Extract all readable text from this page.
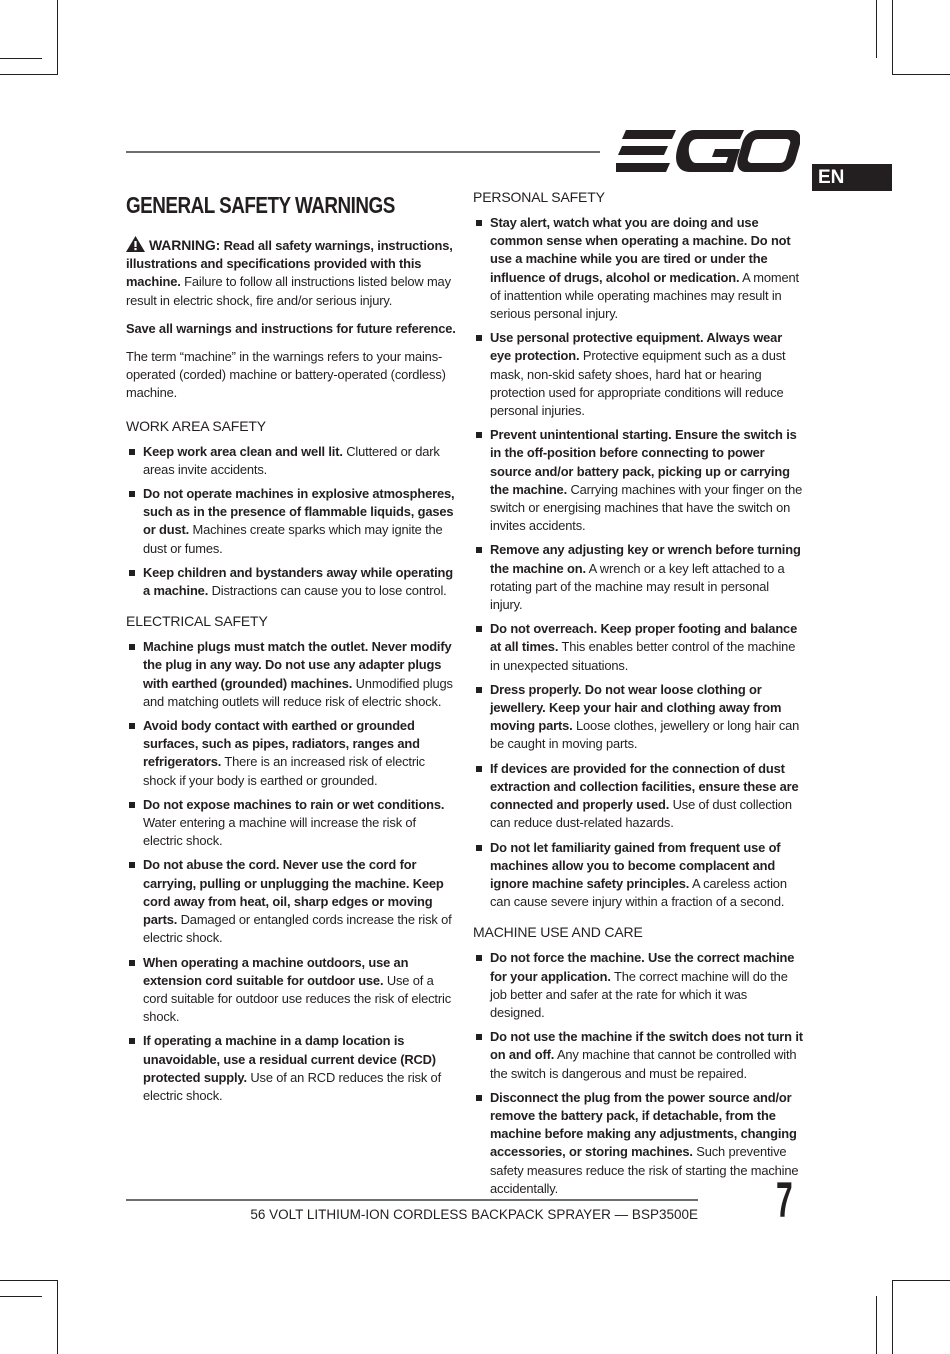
EN
GENERAL SAFETY WARNINGS

WARNING: Read all safety warnings, instructions, illustrations and specifications provided with this machine. Failure to follow all instructions listed below may result in electric shock, fire and/or serious injury.

Save all warnings and instructions for future reference.

The term “machine” in the warnings refers to your mains-operated (corded) machine or battery-operated (cordless) machine.

WORK AREA SAFETY
Keep work area clean and well lit. Cluttered or dark areas invite accidents.
Do not operate machines in explosive atmospheres, such as in the presence of flammable liquids, gases or dust. Machines create sparks which may ignite the dust or fumes.
Keep children and bystanders away while operating a machine. Distractions can cause you to lose control.
ELECTRICAL SAFETY
Machine plugs must match the outlet. Never modify the plug in any way. Do not use any adapter plugs with earthed (grounded) machines. Unmodified plugs and matching outlets will reduce risk of electric shock.
Avoid body contact with earthed or grounded surfaces, such as pipes, radiators, ranges and refrigerators. There is an increased risk of electric shock if your body is earthed or grounded.
Do not expose machines to rain or wet conditions. Water entering a machine will increase the risk of electric shock.
Do not abuse the cord. Never use the cord for carrying, pulling or unplugging the machine. Keep cord away from heat, oil, sharp edges or moving parts. Damaged or entangled cords increase the risk of electric shock.
When operating a machine outdoors, use an extension cord suitable for outdoor use. Use of a cord suitable for outdoor use reduces the risk of electric shock.
If operating a machine in a damp location is unavoidable, use a residual current device (RCD) protected supply. Use of an RCD reduces the risk of electric shock.
PERSONAL SAFETY
Stay alert, watch what you are doing and use common sense when operating a machine. Do not use a machine while you are tired or under the influence of drugs, alcohol or medication. A moment of inattention while operating machines may result in serious personal injury.
Use personal protective equipment. Always wear eye protection. Protective equipment such as a dust mask, non-skid safety shoes, hard hat or hearing protection used for appropriate conditions will reduce personal injuries.
Prevent unintentional starting. Ensure the switch is in the off-position before connecting to power source and/or battery pack, picking up or carrying the machine. Carrying machines with your finger on the switch or energising machines that have the switch on invites accidents.
Remove any adjusting key or wrench before turning the machine on. A wrench or a key left attached to a rotating part of the machine may result in personal injury.
Do not overreach. Keep proper footing and balance at all times. This enables better control of the machine in unexpected situations.
Dress properly. Do not wear loose clothing or jewellery. Keep your hair and clothing away from moving parts. Loose clothes, jewellery or long hair can be caught in moving parts.
If devices are provided for the connection of dust extraction and collection facilities, ensure these are connected and properly used. Use of dust collection can reduce dust-related hazards.
Do not let familiarity gained from frequent use of machines allow you to become complacent and ignore machine safety principles. A careless action can cause severe injury within a fraction of a second.
MACHINE USE AND CARE
Do not force the machine. Use the correct machine for your application. The correct machine will do the job better and safer at the rate for which it was designed.
Do not use the machine if the switch does not turn it on and off. Any machine that cannot be controlled with the switch is dangerous and must be repaired.
Disconnect the plug from the power source and/or remove the battery pack, if detachable, from the machine before making any adjustments, changing accessories, or storing machines. Such preventive safety measures reduce the risk of starting the machine accidentally.
56 VOLT LITHIUM-ION CORDLESS BACKPACK SPRAYER — BSP3500E 7
